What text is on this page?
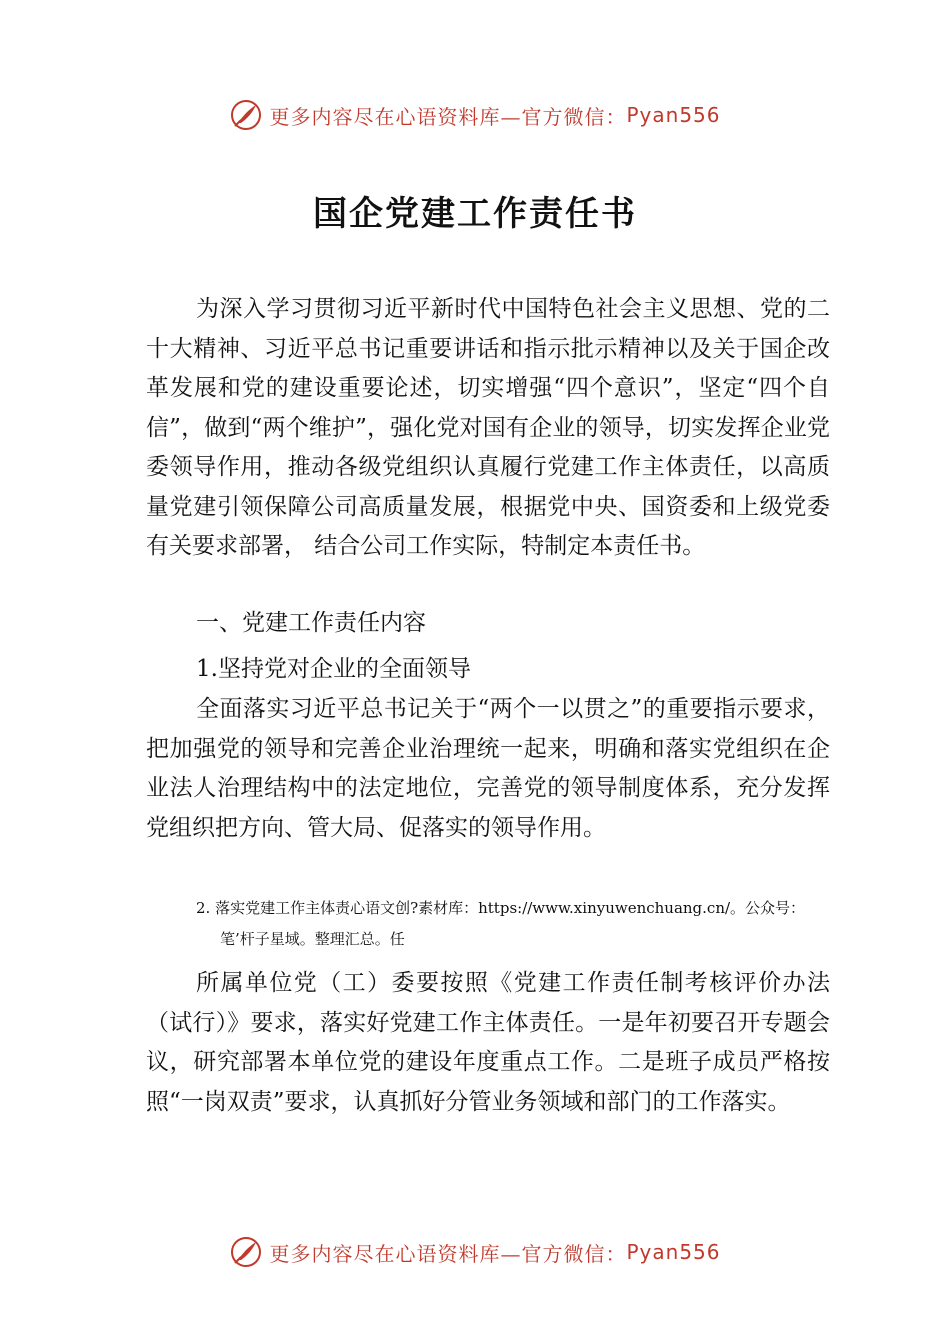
更多内容尽在心语资料库—官方微信： Pyan556
国企党建工作责任书

为深入学习贯彻习近平新时代中国特色社会主义思想、党的二十大精神、习近平总书记重要讲话和指示批示精神以及关于国企改革发展和党的建设重要论述，切实增强“四个意识”，坚定“四个自信”，做到“两个维护”，强化党对国有企业的领导，切实发挥企业党委领导作用，推动各级党组织认真履行党建工作主体责任，以高质量党建引领保障公司高质量发展，根据党中央、国资委和上级党委有关要求部署， 结合公司工作实际，特制定本责任书。

一、党建工作责任内容

1.坚持党对企业的全面领导

全面落实习近平总书记关于“两个一以贯之”的重要指示要求，把加强党的领导和完善企业治理统一起来，明确和落实党组织在企业法人治理结构中的法定地位，完善党的领导制度体系，充分发挥党组织把方向、管大局、促落实的领导作用。

2. 落实党建工作主体责心语文创?素材库：https://www.xinyuwenchuang.cn/。公众号：笔’杆子星域。整理汇总。任

所属单位党（工）委要按照《党建工作责任制考核评价办法（试行）》要求，落实好党建工作主体责任。一是年初要召开专题会议，研究部署本单位党的建设年度重点工作。二是班子成员严格按照“一岗双责”要求，认真抓好分管业务领域和部门的工作落实。

更多内容尽在心语资料库—官方微信： Pyan556
